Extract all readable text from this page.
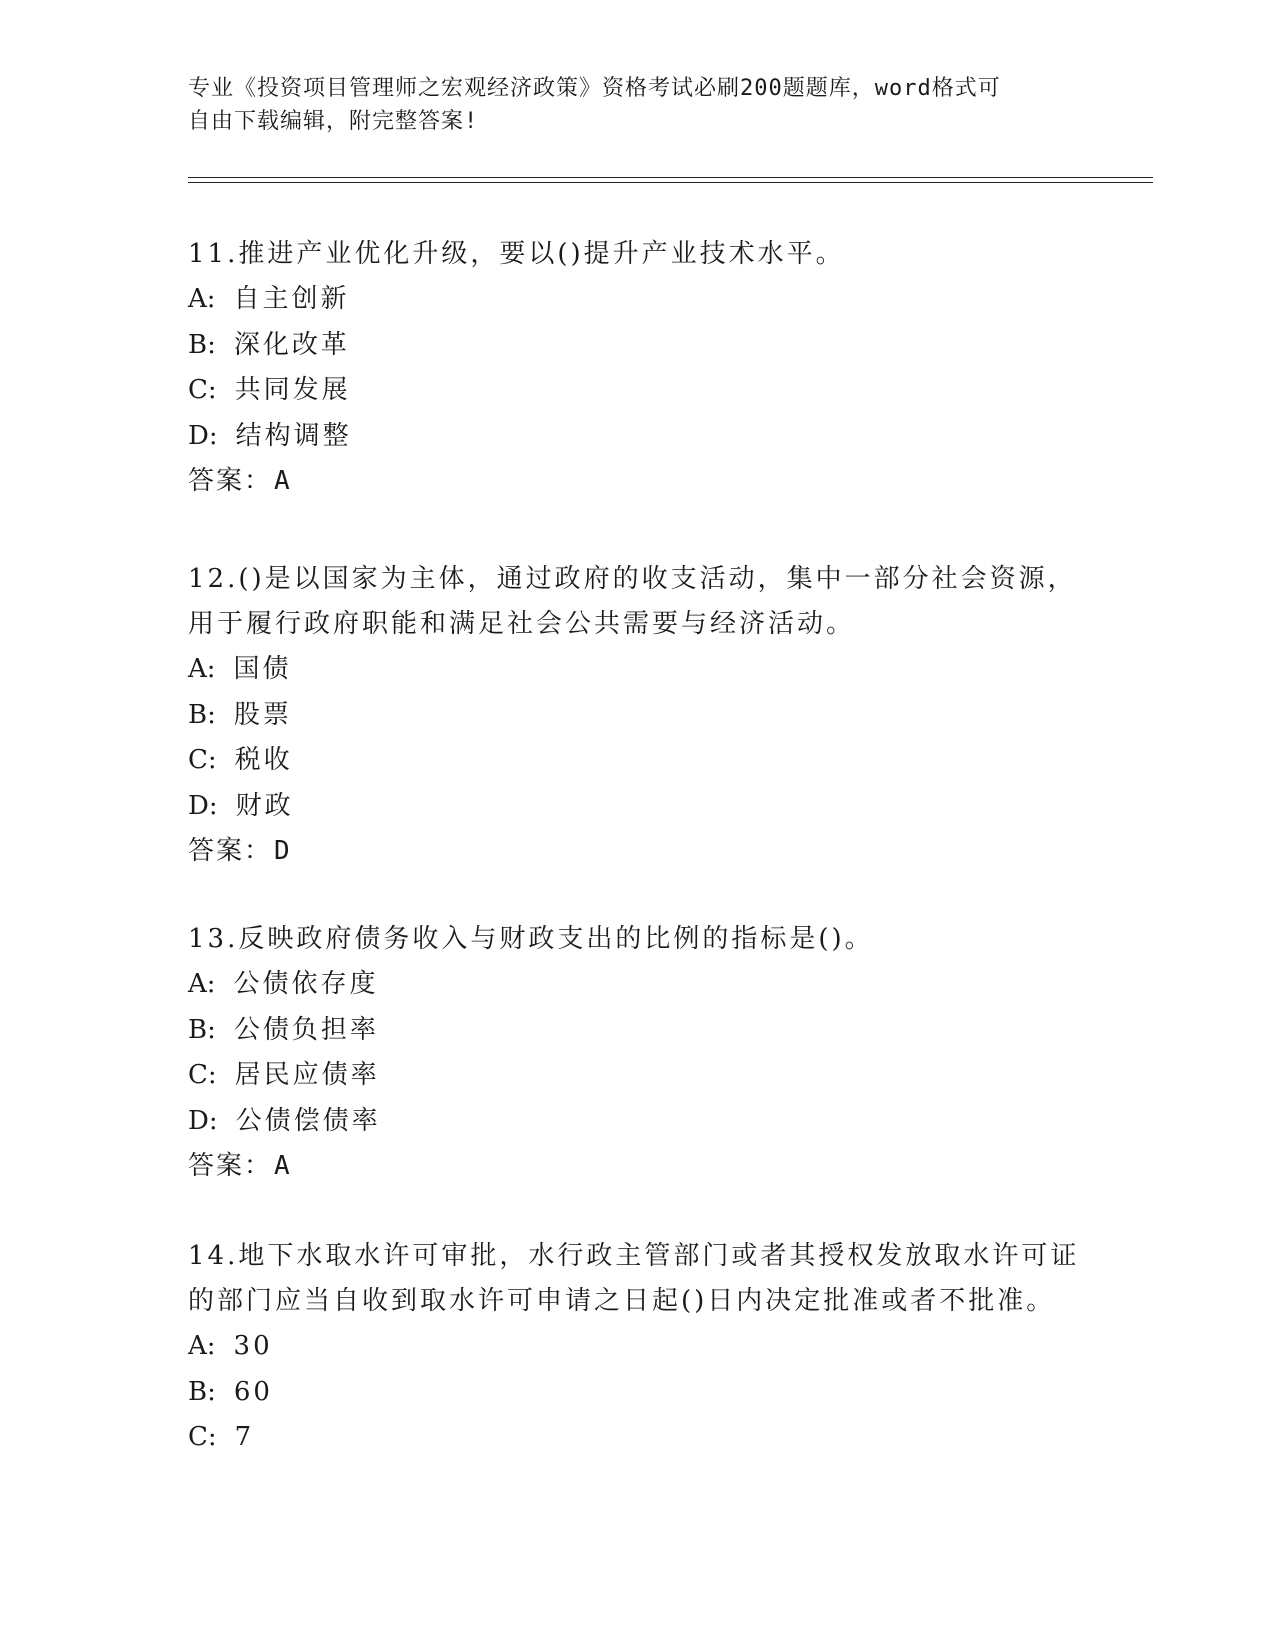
专业《投资项目管理师之宏观经济政策》资格考试必刷200题题库，word格式可
自由下载编辑，附完整答案!
11.推进产业优化升级，要以()提升产业技术水平。
A: 自主创新
B: 深化改革
C: 共同发展
D: 结构调整
答案：A
12.()是以国家为主体，通过政府的收支活动，集中一部分社会资源，
用于履行政府职能和满足社会公共需要与经济活动。
A: 国债
B: 股票
C: 税收
D: 财政
答案：D
13.反映政府债务收入与财政支出的比例的指标是()。
A: 公债依存度
B: 公债负担率
C: 居民应债率
D: 公债偿债率
答案：A
14.地下水取水许可审批，水行政主管部门或者其授权发放取水许可证
的部门应当自收到取水许可申请之日起()日内决定批准或者不批准。
A: 30
B: 60
C: 7
